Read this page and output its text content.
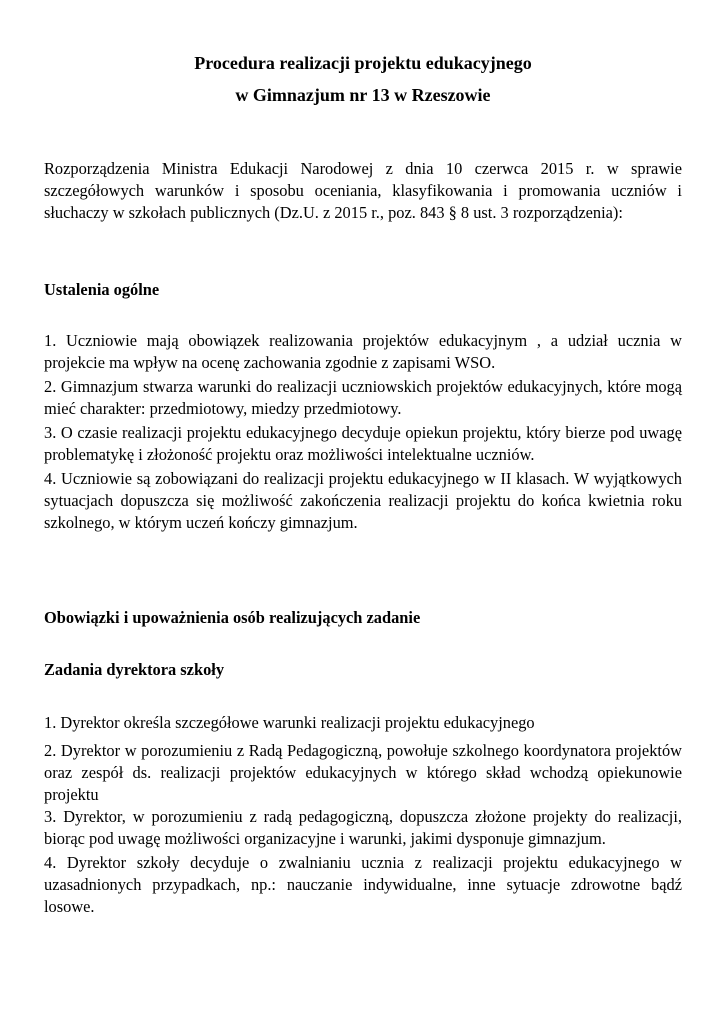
Procedura realizacji projektu edukacyjnego
w Gimnazjum nr 13 w Rzeszowie

Rozporządzenia Ministra Edukacji Narodowej z dnia 10 czerwca 2015 r. w sprawie szczegółowych warunków i sposobu oceniania, klasyfikowania i promowania uczniów i słuchaczy w szkołach publicznych (Dz.U. z 2015 r., poz. 843 § 8 ust. 3 rozporządzenia):

Ustalenia ogólne

1. Uczniowie mają obowiązek realizowania projektów edukacyjnym , a udział ucznia w projekcie ma wpływ na ocenę zachowania zgodnie z zapisami WSO.

2. Gimnazjum stwarza warunki do realizacji uczniowskich projektów edukacyjnych, które mogą mieć charakter: przedmiotowy, miedzy przedmiotowy.

3. O czasie realizacji projektu edukacyjnego decyduje opiekun projektu, który bierze pod uwagę problematykę i złożoność projektu oraz możliwości intelektualne uczniów.

4. Uczniowie są zobowiązani do realizacji projektu edukacyjnego w II klasach. W wyjątkowych sytuacjach dopuszcza się możliwość zakończenia realizacji projektu do końca kwietnia roku szkolnego, w którym uczeń kończy gimnazjum.

Obowiązki i upoważnienia osób realizujących zadanie
Zadania dyrektora szkoły

1. Dyrektor określa szczegółowe warunki realizacji projektu edukacyjnego

2. Dyrektor w porozumieniu z Radą Pedagogiczną, powołuje szkolnego koordynatora projektów oraz zespół ds. realizacji projektów edukacyjnych w którego skład wchodzą opiekunowie projektu

3. Dyrektor, w porozumieniu z radą pedagogiczną, dopuszcza złożone projekty do realizacji, biorąc pod uwagę możliwości organizacyjne i warunki, jakimi dysponuje gimnazjum.

4. Dyrektor szkoły decyduje o zwalnianiu ucznia z realizacji projektu edukacyjnego w uzasadnionych przypadkach, np.: nauczanie indywidualne, inne sytuacje zdrowotne bądź losowe.
